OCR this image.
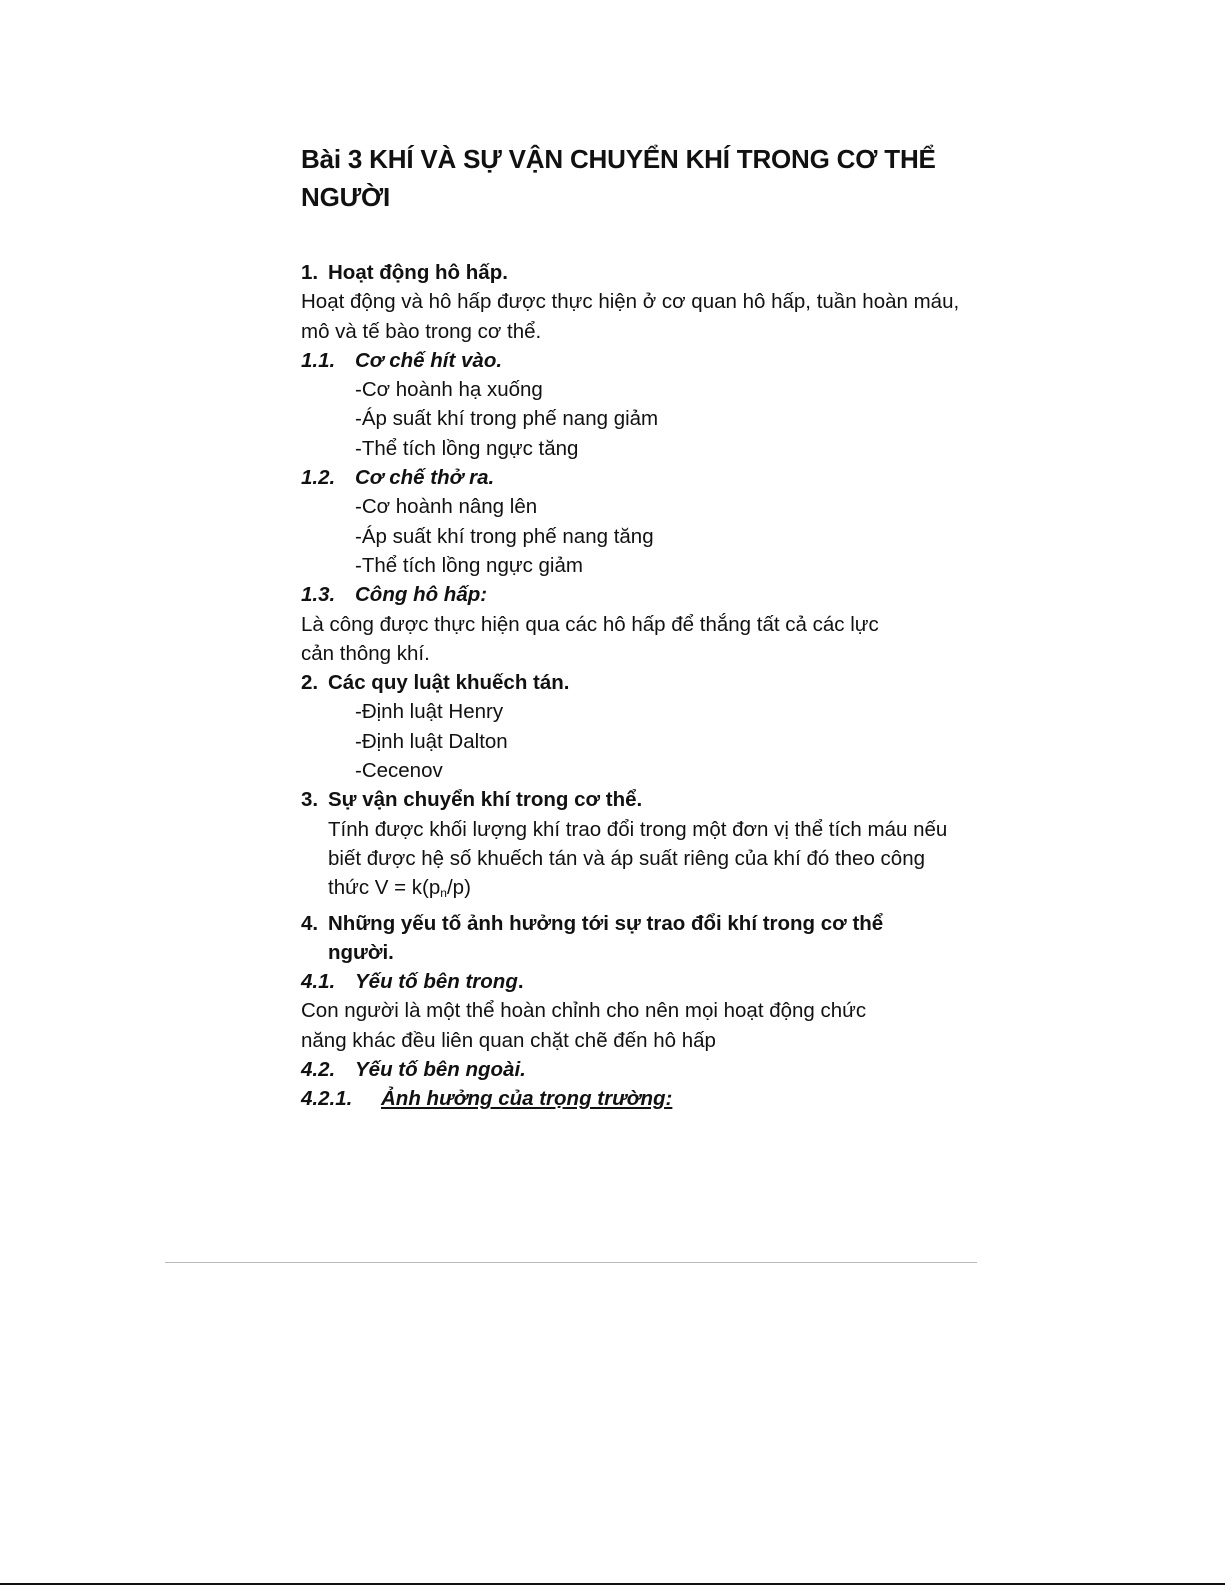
Bài 3 KHÍ VÀ SỰ VẬN CHUYỂN KHÍ TRONG CƠ THỂ NGƯỜI
1. Hoạt động hô hấp.
Hoạt động và hô hấp được thực hiện ở cơ quan hô hấp, tuần hoàn máu, mô và tế bào trong cơ thể.
1.1. Cơ chế hít vào.
-Cơ hoành hạ xuống
-Áp suất khí trong phế nang giảm
-Thể tích lồng ngực tăng
1.2. Cơ chế thở ra.
-Cơ hoành nâng lên
-Áp suất khí trong phế nang tăng
-Thể tích lồng ngực giảm
1.3. Công hô hấp:
Là công được thực hiện qua các hô hấp để thắng tất cả các lực cản thông khí.
2. Các quy luật khuếch tán.
-Định luật Henry
-Định luật Dalton
-Cecenov
3. Sự vận chuyển khí trong cơ thể.
Tính được khối lượng khí trao đổi trong một đơn vị thể tích máu nếu biết được hệ số khuếch tán và áp suất riêng của khí đó theo công thức $V = k(p_n/p)$
4. Những yếu tố ảnh hưởng tới sự trao đổi khí trong cơ thể người.
4.1. Yếu tố bên trong.
Con người là một thể hoàn chỉnh cho nên mọi hoạt động chức năng khác đều liên quan chặt chẽ đến hô hấp
4.2. Yếu tố bên ngoài.
4.2.1. Ảnh hưởng của trọng trường:
